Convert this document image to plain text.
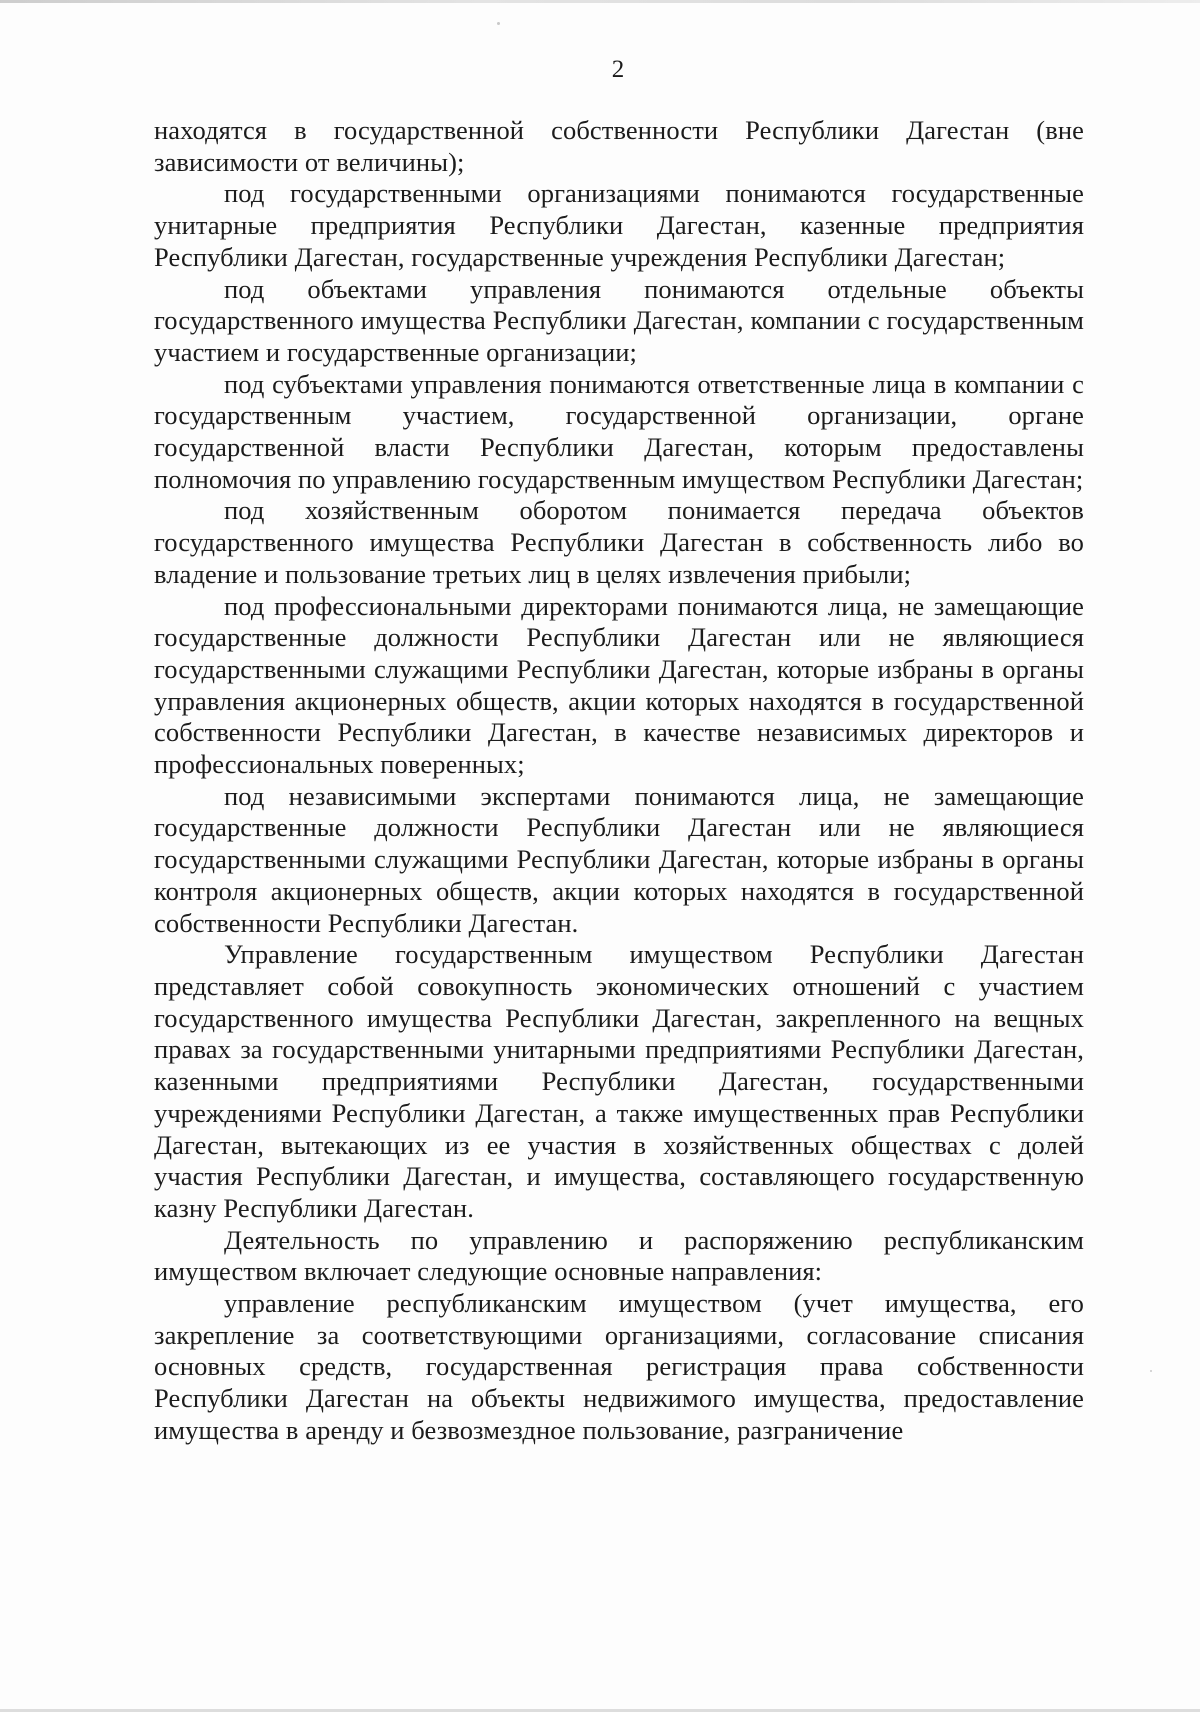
2

находятся в государственной собственности Республики Дагестан (вне зависимости от величины);

под государственными организациями понимаются государственные унитарные предприятия Республики Дагестан, казенные предприятия Республики Дагестан, государственные учреждения Республики Дагестан;

под объектами управления понимаются отдельные объекты государственного имущества Республики Дагестан, компании с государственным участием и государственные организации;

под субъектами управления понимаются ответственные лица в компании с государственным участием, государственной организации, органе государственной власти Республики Дагестан, которым предоставлены полномочия по управлению государственным имуществом Республики Дагестан;

под хозяйственным оборотом понимается передача объектов государственного имущества Республики Дагестан в собственность либо во владение и пользование третьих лиц в целях извлечения прибыли;

под профессиональными директорами понимаются лица, не замещающие государственные должности Республики Дагестан или не являющиеся государственными служащими Республики Дагестан, которые избраны в органы управления акционерных обществ, акции которых находятся в государственной собственности Республики Дагестан, в качестве независимых директоров и профессиональных поверенных;

под независимыми экспертами понимаются лица, не замещающие государственные должности Республики Дагестан или не являющиеся государственными служащими Республики Дагестан, которые избраны в органы контроля акционерных обществ, акции которых находятся в государственной собственности Республики Дагестан.

Управление государственным имуществом Республики Дагестан представляет собой совокупность экономических отношений с участием государственного имущества Республики Дагестан, закрепленного на вещных правах за государственными унитарными предприятиями Республики Дагестан, казенными предприятиями Республики Дагестан, государственными учреждениями Республики Дагестан, а также имущественных прав Республики Дагестан, вытекающих из ее участия в хозяйственных обществах с долей участия Республики Дагестан, и имущества, составляющего государственную казну Республики Дагестан.

Деятельность по управлению и распоряжению республиканским имуществом включает следующие основные направления:

управление республиканским имуществом (учет имущества, его закрепление за соответствующими организациями, согласование списания основных средств, государственная регистрация права собственности Республики Дагестан на объекты недвижимого имущества, предоставление имущества в аренду и безвозмездное пользование, разграничение
